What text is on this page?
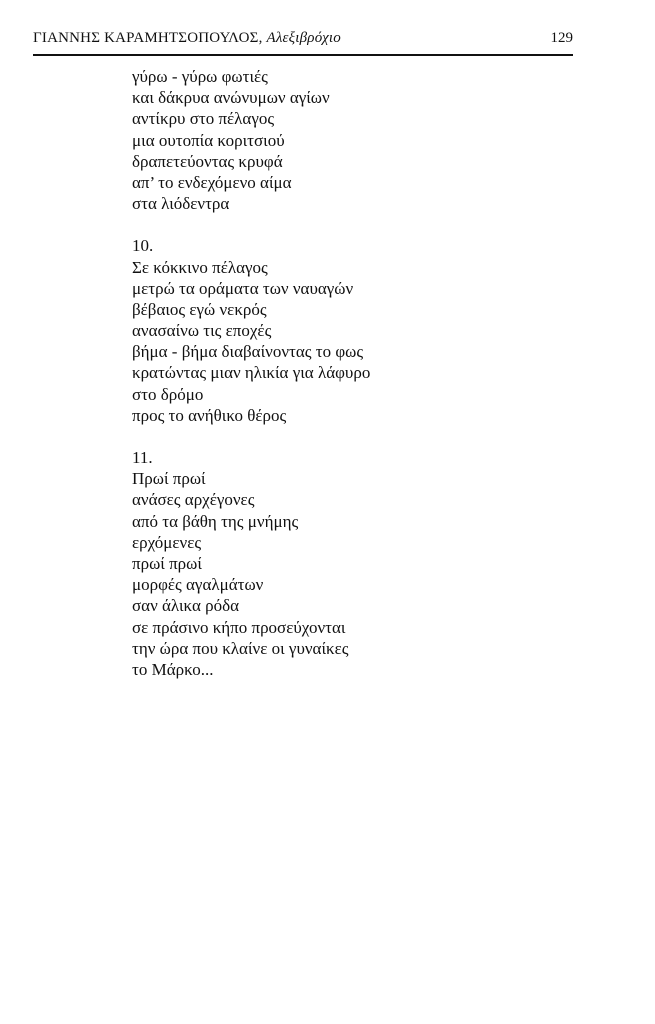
ΓΙΑΝΝΗΣ ΚΑΡΑΜΗΤΣΟΠΟΥΛΟΣ, Αλεξιβρόχιο	129
γύρω - γύρω φωτιές
και δάκρυα ανώνυμων αγίων
αντίκρυ στο πέλαγος
μια ουτοπία κοριτσιού
δραπετεύοντας κρυφά
απ’ το ενδεχόμενο αίμα
στα λιόδεντρα
10.
Σε κόκκινο πέλαγος
μετρώ τα οράματα των ναυαγών
βέβαιος εγώ νεκρός
ανασαίνω τις εποχές
βήμα - βήμα διαβαίνοντας το φως
κρατώντας μιαν ηλικία για λάφυρο
στο δρόμο
προς το ανήθικο θέρος
11.
Πρωί πρωί
ανάσες αρχέγονες
από τα βάθη της μνήμης
ερχόμενες
πρωί πρωί
μορφές αγαλμάτων
σαν άλικα ρόδα
σε πράσινο κήπο προσεύχονται
την ώρα που κλαίνε οι γυναίκες
το Μάρκο...
